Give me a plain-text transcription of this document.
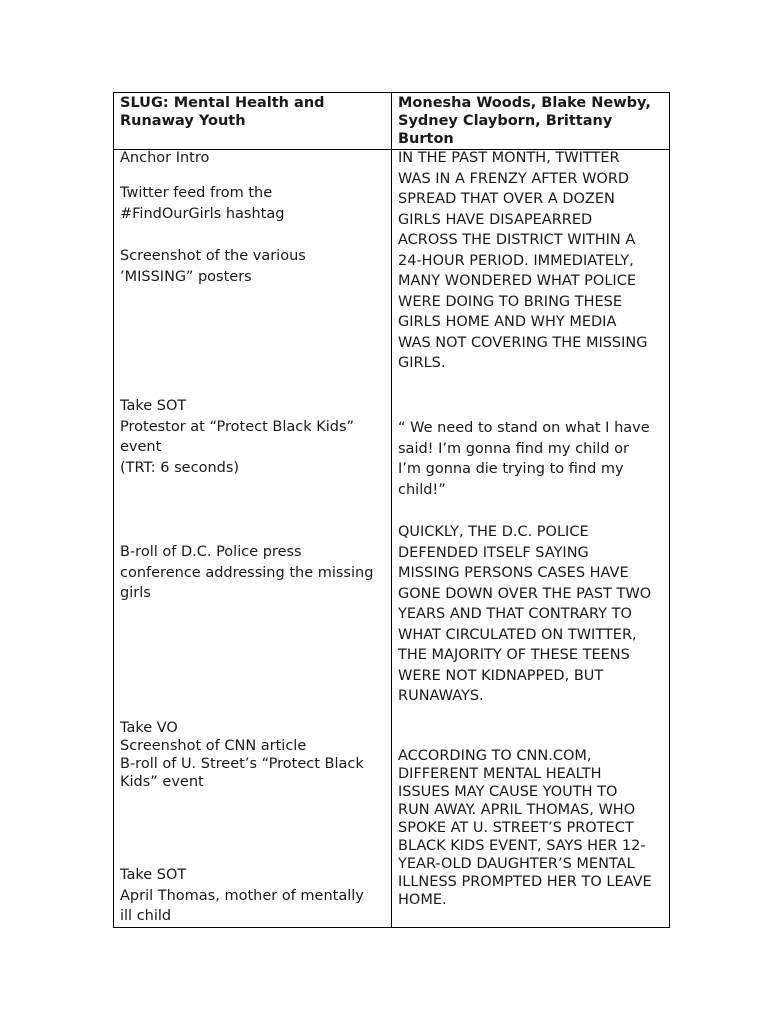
SLUG: Mental Health and
Runaway Youth
Monesha Woods, Blake Newby,
Sydney Clayborn, Brittany
Burton
Anchor Intro
Twitter feed from the
#FindOurGirls hashtag
Screenshot of the various
’MISSING” posters
Take SOT
Protestor at “Protect Black Kids”
event
(TRT: 6 seconds)
B-roll of D.C. Police press
conference addressing the missing
girls
Take VO
Screenshot of CNN article
B-roll of U. Street’s “Protect Black
Kids” event
Take SOT
April Thomas, mother of mentally
ill child
IN THE PAST MONTH, TWITTER
WAS IN A FRENZY AFTER WORD
SPREAD THAT OVER A DOZEN
GIRLS HAVE DISAPEARRED
ACROSS THE DISTRICT WITHIN A
24-HOUR PERIOD. IMMEDIATELY,
MANY WONDERED WHAT POLICE
WERE DOING TO BRING THESE
GIRLS HOME AND WHY MEDIA
WAS NOT COVERING THE MISSING
GIRLS.
“ We need to stand on what I have
said! I’m gonna find my child or
I’m gonna die trying to find my
child!”
QUICKLY, THE D.C. POLICE
DEFENDED ITSELF SAYING
MISSING PERSONS CASES HAVE
GONE DOWN OVER THE PAST TWO
YEARS AND THAT CONTRARY TO
WHAT CIRCULATED ON TWITTER,
THE MAJORITY OF THESE TEENS
WERE NOT KIDNAPPED, BUT
RUNAWAYS.
ACCORDING TO CNN.COM,
DIFFERENT MENTAL HEALTH
ISSUES MAY CAUSE YOUTH TO
RUN AWAY. APRIL THOMAS, WHO
SPOKE AT U. STREET’S PROTECT
BLACK KIDS EVENT, SAYS HER 12-
YEAR-OLD DAUGHTER’S MENTAL
ILLNESS PROMPTED HER TO LEAVE
HOME.
